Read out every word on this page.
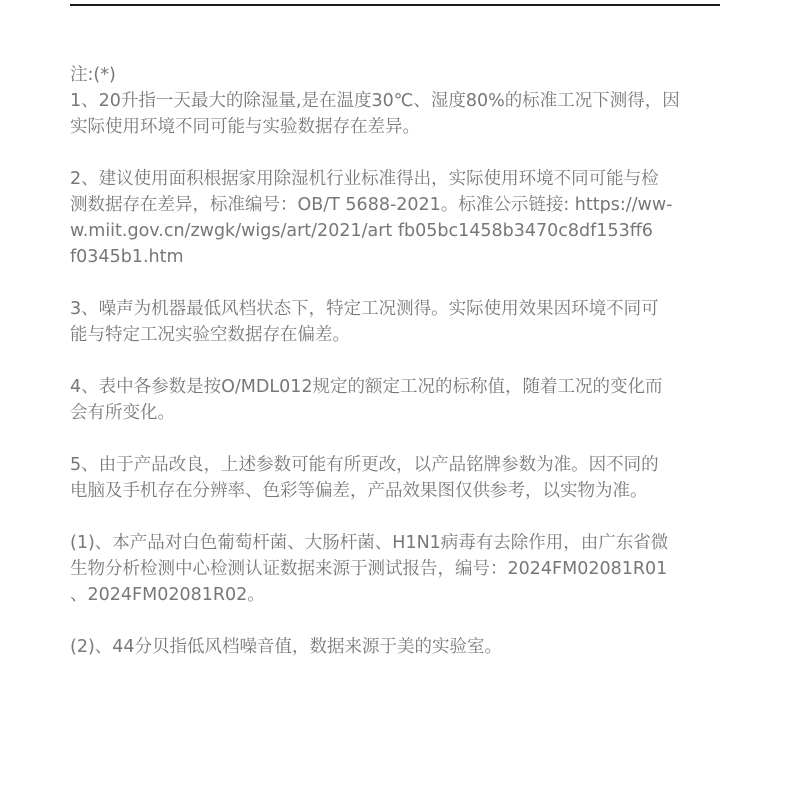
注:(*)

1、20升指一天最大的除湿量,是在温度30℃、湿度80%的标准工况下测得，因
实际使用环境不同可能与实验数据存在差异。

2、建议使用面积根据家用除湿机行业标准得出，实际使用环境不同可能与检
测数据存在差异，标准编号：OB/T 5688-2021。标准公示链接: https://ww-
w.miit.gov.cn/zwgk/wigs/art/2021/art fb05bc1458b3470c8df153ff6
f0345b1.htm

3、噪声为机器最低风档状态下，特定工况测得。实际使用效果因环境不同可
能与特定工况实验空数据存在偏差。

4、表中各参数是按O/MDL012规定的额定工况的标称值，随着工况的变化而
会有所变化。

5、由于产品改良，上述参数可能有所更改，以产品铭牌参数为准。因不同的
电脑及手机存在分辨率、色彩等偏差，产品效果图仅供参考，以实物为准。

(1)、本产品对白色葡萄杆菌、大肠杆菌、H1N1病毒有去除作用，由广东省微
生物分析检测中心检测认证数据来源于测试报告，编号：2024FM02081R01
、2024FM02081R02。

(2)、44分贝指低风档噪音值，数据来源于美的实验室。
